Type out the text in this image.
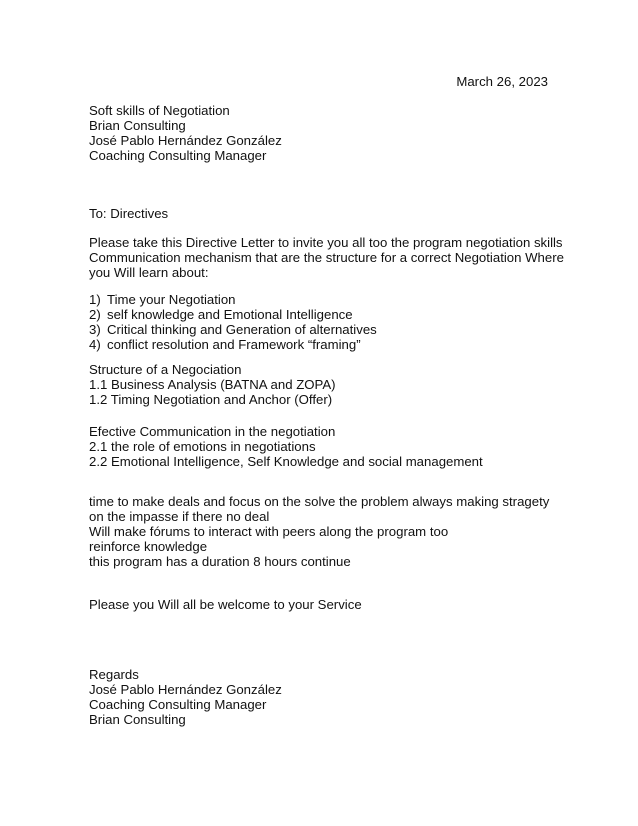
March 26, 2023
Soft skills of Negotiation
Brian Consulting
José Pablo Hernández González
Coaching Consulting Manager
To: Directives
Please take this Directive Letter to invite you all too the program negotiation skills Communication mechanism that are the structure for a correct Negotiation Where you Will learn about:
1) Time your Negotiation
2) self knowledge and Emotional Intelligence
3) Critical thinking and Generation of alternatives
4) conflict resolution and Framework “framing”
Structure of a Negociation
1.1 Business Analysis (BATNA and ZOPA)
1.2 Timing Negotiation and Anchor (Offer)
Efective Communication in the negotiation
2.1 the role of emotions in negotiations
2.2 Emotional Intelligence, Self Knowledge and social management
time to make deals and focus on the solve the problem always making stragety on the impasse if there no deal
Will make fórums to interact with peers along the program too
reinforce knowledge
this program has a duration 8 hours continue
Please you Will all be welcome to your Service
Regards
José Pablo Hernández González
Coaching Consulting Manager
Brian Consulting
